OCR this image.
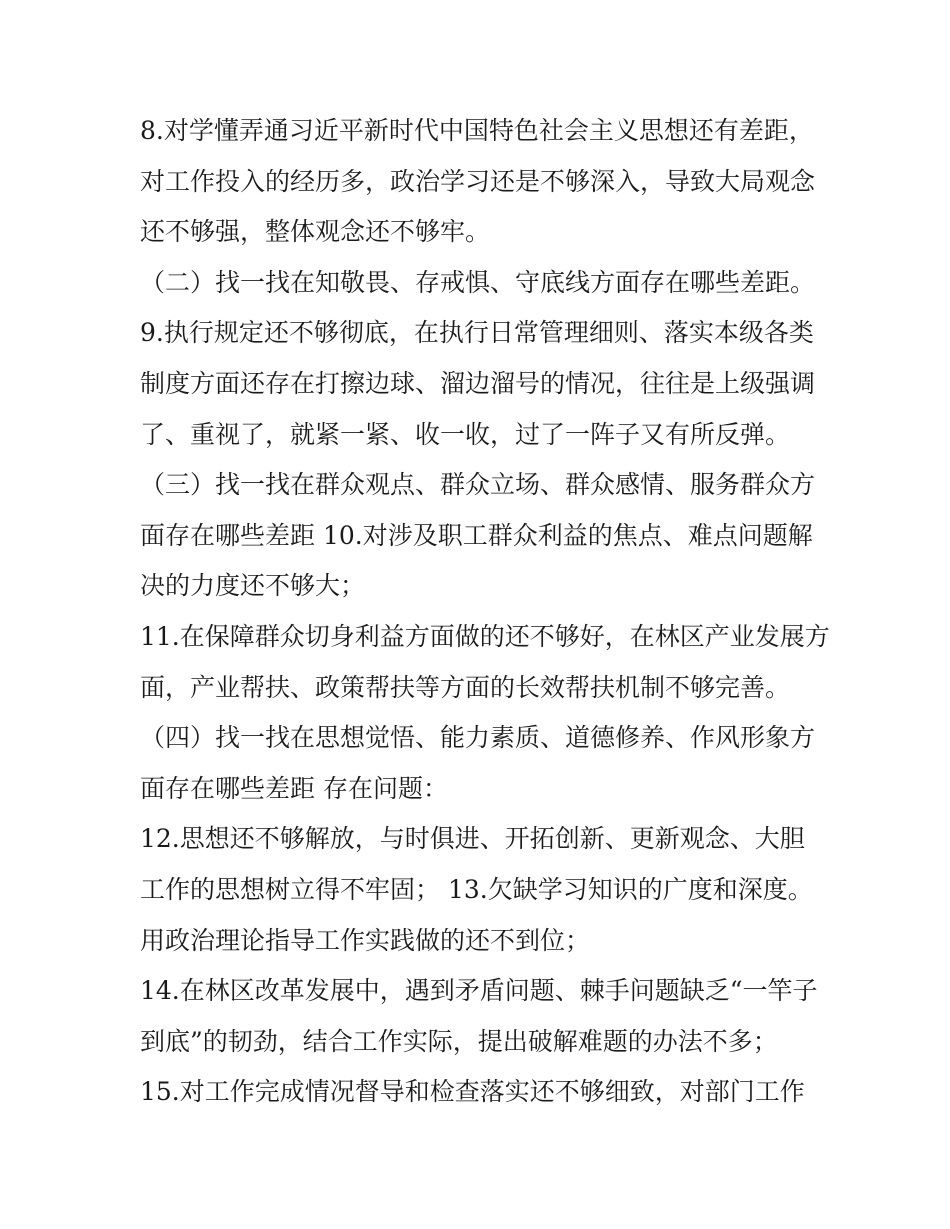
8.对学懂弄通习近平新时代中国特色社会主义思想还有差距，
对工作投入的经历多，政治学习还是不够深入，导致大局观念
还不够强，整体观念还不够牢。
（二）找一找在知敬畏、存戒惧、守底线方面存在哪些差距。
9.执行规定还不够彻底，在执行日常管理细则、落实本级各类
制度方面还存在打擦边球、溜边溜号的情况，往往是上级强调
了、重视了，就紧一紧、收一收，过了一阵子又有所反弹。
（三）找一找在群众观点、群众立场、群众感情、服务群众方
面存在哪些差距 10.对涉及职工群众利益的焦点、难点问题解
决的力度还不够大；
11.在保障群众切身利益方面做的还不够好，在林区产业发展方
面，产业帮扶、政策帮扶等方面的长效帮扶机制不够完善。
（四）找一找在思想觉悟、能力素质、道德修养、作风形象方
面存在哪些差距 存在问题：
12.思想还不够解放，与时俱进、开拓创新、更新观念、大胆
工作的思想树立得不牢固； 13.欠缺学习知识的广度和深度。
用政治理论指导工作实践做的还不到位；
14.在林区改革发展中，遇到矛盾问题、棘手问题缺乏“一竿子
到底”的韧劲，结合工作实际，提出破解难题的办法不多；
15.对工作完成情况督导和检查落实还不够细致，对部门工作
